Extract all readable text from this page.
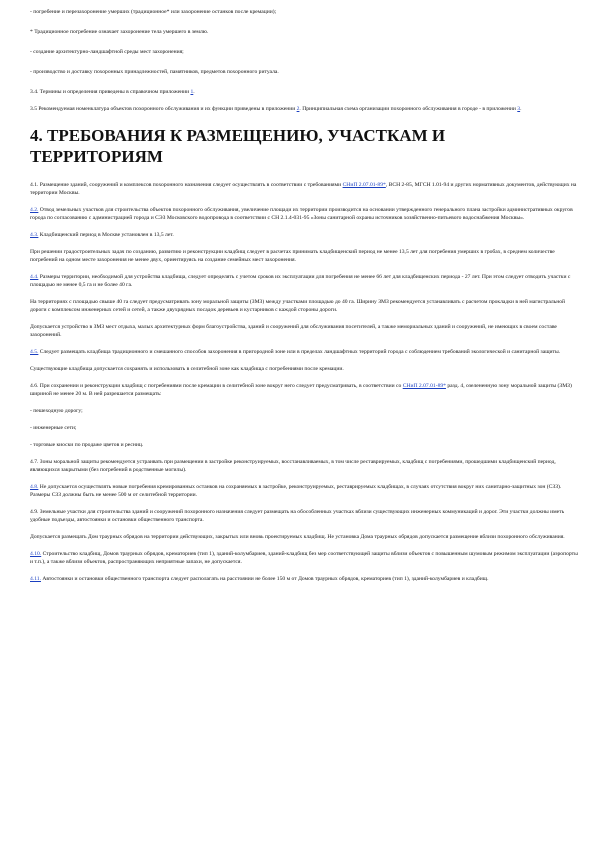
- погребение и перезахоронение умерших (традиционное* или захоронение останков после кремации);

* Традиционное погребение означает захоронение тела умершего в землю.

- создание архитектурно-ландшафтной среды мест захоронения;

- производство и доставку похоронных принадлежностей, памятников, предметов похоронного ритуала.

3.4. Термины и определения приведены в справочном приложении 1.

3.5 Рекомендуемая номенклатура объектов похоронного обслуживания и их функции приведены в приложении 2. Принципиальная схема организации похоронного обслуживания в городе - в приложении 3.

4. ТРЕБОВАНИЯ К РАЗМЕЩЕНИЮ, УЧАСТКАМ И ТЕРРИТОРИЯМ

4.1. Размещение зданий, сооружений и комплексов похоронного назначения следует осуществлять в соответствии с требованиями СНиП 2.07.01-89*, ВСН 2-85, МГСН 1.01-94 и других нормативных документов, действующих на территории Москвы.

4.2. Отвод земельных участков для строительства объектов похоронного обслуживания, увеличение площади их территории производится на основании утвержденного генерального плана застройки административных округов города по согласованию с администрацией города и СЭЗ Московского водопровода в соответствии с СН 2.1.4-031-95 «Зоны санитарной охраны источников хозяйственно-питьевого водоснабжения Москвы».

4.3. Кладбищенский период в Москве установлен в 13,5 лет.

При решении градостроительных задач по созданию, развитию и реконструкции кладбищ следует в расчетах принимать кладбищенский период не менее 13,5 лет для погребения умерших в гробах, в среднем количестве погребений на одном месте захоронения не менее двух, ориентируясь на создание семейных мест захоронения.

4.4. Размеры территории, необходимой для устройства кладбища, следует определять с учетом сроков их эксплуатации для погребения не менее 66 лет для кладбищенских периода - 27 лет. При этом следует отводить участки с площадью не менее 0,5 га и не более 40 га.

На территориях с площадью свыше 40 га следует предусматривать зону моральной защиты (ЗМЗ) между участками площадью до 40 га. Ширину ЗМЗ рекомендуется устанавливать с расчетом прокладки в ней магистральной дороги с комплексом инженерных сетей и сетей, а также двухрядных посадок деревьев и кустарников с каждой стороны дороги.

Допускается устройство в ЗМЗ мест отдыха, малых архитектурных форм благоустройства, зданий и сооружений для обслуживания посетителей, а также мемориальных зданий и сооружений, не имеющих в своем составе захоронений.

4.5. Следует размещать кладбища традиционного и смешанного способов захоронения в пригородной зоне или в пределах ландшафтных территорий города с соблюдением требований экологической и санитарной защиты.

Существующие кладбища допускается сохранять и использовать в селитебной зоне как кладбища с погребениями после кремации.

4.6. При сохранении и реконструкции кладбищ с погребениями после кремации в селитебной зоне вокруг него следует предусматривать, в соответствии со СНиП 2.07.01-89* разд. 4, озелененную зону моральной защиты (ЗМЗ) шириной не менее 20 м. В ней разрешается размещать:

- пешеходную дорогу;

- инженерные сети;

- торговые киоски по продаже цветов и ресниц.

4.7. Зоны моральной защиты рекомендуется устраивать при размещении в застройке реконструируемых, восстанавливаемых, в том числе реставрируемых, кладбищ с погребениями, прошедшими кладбищенский период, являющихся закрытыми (без погребений в родственные могилы).

4.8. Не допускается осуществлять новые погребения кремированных останков на сохраняемых в застройке, реконструируемых, реставрируемых кладбищах, в случаях отсутствия вокруг них санитарно-защитных зон (СЗЗ). Размеры СЗЗ должны быть не менее 500 м от селитебной территории.

4.9. Земельные участки для строительства зданий и сооружений похоронного назначения следует размещать на обособленных участках вблизи существующих инженерных коммуникаций и дорог. Эти участки должны иметь удобные подъезды, автостоянки и остановки общественного транспорта.

Допускается размещать Дом траурных обрядов на территории действующих, закрытых или вновь проектируемых кладбищ. Не установка Дома траурных обрядов допускается размещение вблизи похоронного обслуживания.

4.10. Строительство кладбищ, Домов траурных обрядов, крематориев (тип 1), зданий-колумбариев, зданий-кладбищ без мер соответствующей защиты вблизи объектов с повышенным шумовым режимом эксплуатации (аэропорты и т.п.), а также вблизи объектов, распространяющих неприятные запахи, не допускается.

4.11. Автостоянки и остановки общественного транспорта следует располагать на расстоянии не более 150 м от Домов траурных обрядов, крематориев (тип 1), зданий-колумбариев и кладбищ.
